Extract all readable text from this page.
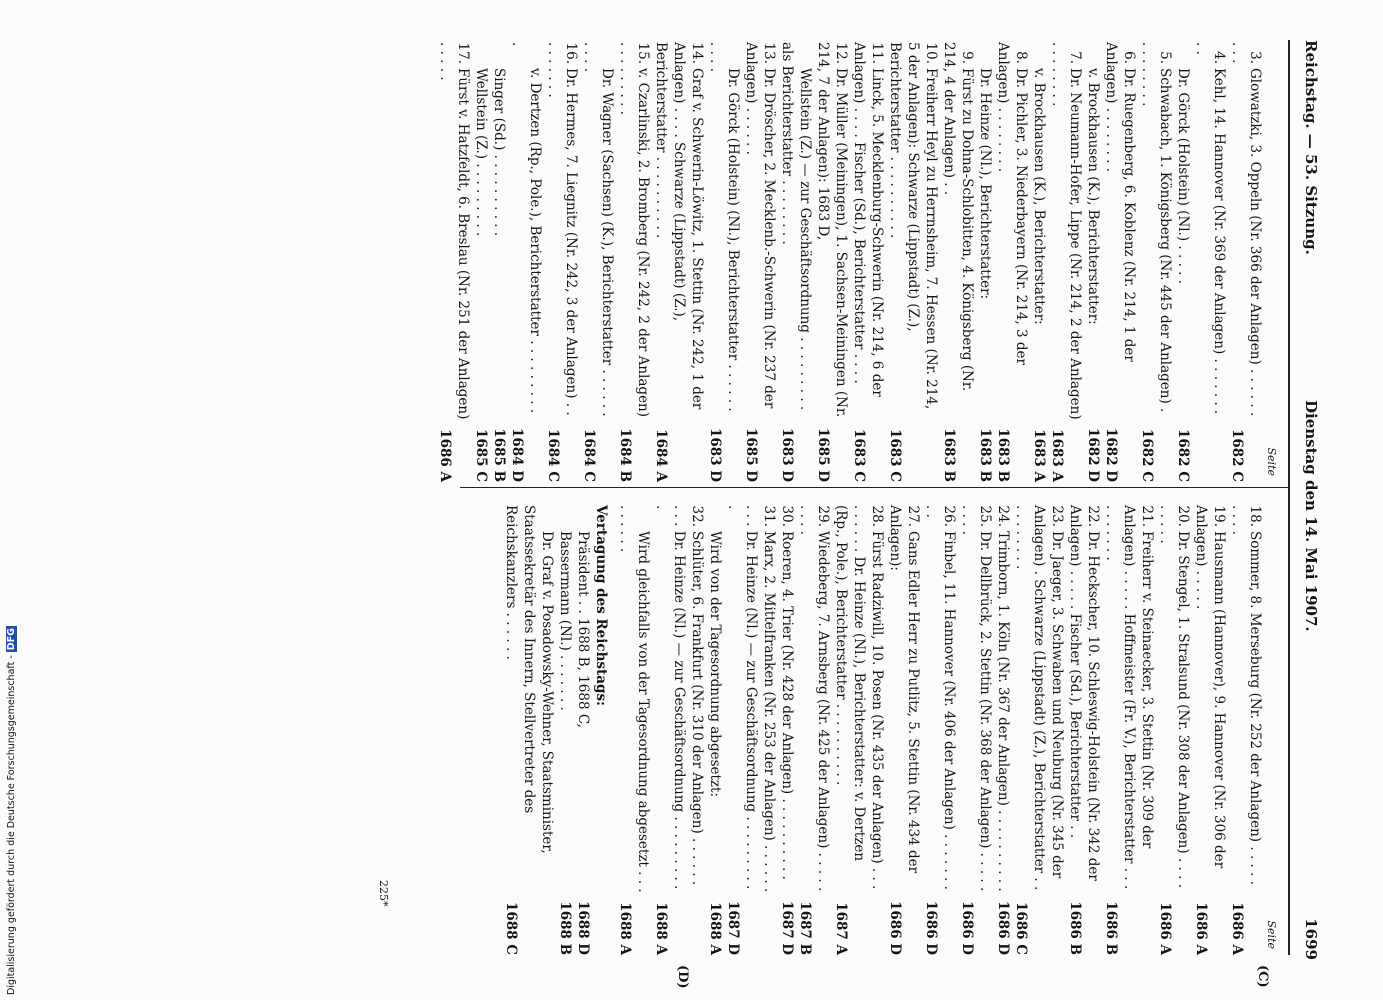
Reichstag. — 53. Sitzung.
Dienstag den 14. Mai 1907.
1699
(C)
(D)
Seite
3.Glowatzki, 3. Oppeln (Nr. 366 der Anlagen) . . . . . . . . .
1682 C
4.Kehl, 14. Hannover (Nr. 369 der Anlagen) . . . . . . . . .
Dr. Görck (Holstein) (Nl.) . . . . .
1682 C
5.Schwabach, 1. Königsberg (Nr. 445 der Anlagen) . . . . . . . . .
1682 C
6.Dr. Ruegenberg, 6. Koblenz (Nr. 214, 1 der Anlagen) . . . . . . . .
1682 D
v. Brockhausen (K.), Berichterstatter:
1682 D
7.Dr. Neumann-Hofer, Lippe (Nr. 214, 2 der Anlagen) . . . . . . . .
1683 A
v. Brockhausen (K.), Berichterstatter:
1683 A
8.Dr. Pichler, 3. Niederbayern (Nr. 214, 3 der Anlagen) . . . . . . . .
1683 B
Dr. Heinze (Nl.), Berichterstatter:
1683 B
9.Fürst zu Dohna-Schlobitten, 4. Königsberg (Nr. 214, 4 der Anlagen) . .
1683 B
10.Freiherr Heyl zu Herrnsheim, 7. Hessen (Nr. 214, 5 der Anlagen): Schwarze (Lippstadt) (Z.), Berichterstatter . . . . . . . . . .
1683 C
11.Linck, 5. Mecklenburg-Schwerin (Nr. 214, 6 der Anlagen) . . . . Fischer (Sd.), Berichterstatter . . . .
1683 C
12.Dr. Müller (Meiningen), 1. Sachsen-Meiningen (Nr. 214, 7 der Anlagen): 1683 D,
1685 D
Wellstein (Z.) — zur Geschäftsordnung . . . . . . . . . als Berichterstatter . . . . . . . .
1683 D
13.Dr. Dröscher, 2. Mecklenb.-Schwerin (Nr. 237 der Anlagen) . . . . . .
1685 D
Dr. Görck (Holstein) (Nl.), Berichterstatter . . . . . . . . . .
1683 D
14.Graf v. Schwerin-Löwitz, 1. Stettin (Nr. 242, 1 der Anlagen) . . . . Schwarze (Lippstadt) (Z.), Berichterstatter . . . . . . . . . .
1684 A
15.v. Czarlinski, 2. Bromberg (Nr. 242, 2 der Anlagen) . . . . . . . . .
1684 B
Dr. Wagner (Sachsen) (K.), Berichterstatter . . . . . . . . . .
1684 C
16.Dr. Hermes, 7. Liegnitz (Nr. 242, 3 der Anlagen) . . . . . . . . .
1684 C
v. Dertzen (Rp., Pole.), Berichterstatter . . . . . . . . . .
1684 D
Singer (Sd.) . . . . . . . . . .
1685 B
Wellstein (Z.) . . . . . . . . .
1685 C
17.Fürst v. Hatzfeldt, 6. Breslau (Nr. 251 der Anlagen) . . . . .
1686 A
Seite
18.Sommer, 8. Merseburg (Nr. 252 der Anlagen) . . . . . . . . .
1686 A
19.Hausmann (Hannover), 9. Hannover (Nr. 306 der Anlagen) . . . . .
1686 A
20.Dr. Stengel, 1. Stralsund (Nr. 308 der Anlagen) . . . . . . . . .
1686 A
21.Freiherr v. Steinaecker, 3. Stettin (Nr. 309 der Anlagen) . . . . . Hoffmeister (Fr. V.), Berichterstatter . . . . . . . . . .
1686 B
22.Dr. Heckscher, 10. Schleswig-Holstein (Nr. 342 der Anlagen) . . . . . Fischer (Sd.), Berichterstatter . .
1686 B
23.Dr. Jaeger, 3. Schwaben und Neuburg (Nr. 345 der Anlagen) . Schwarze (Lippstadt) (Z.), Berichterstatter . . . . . . . . . .
1686 C
24.Trimborn, 1. Köln (Nr. 367 der Anlagen) . . . . . . . . . .
1686 D
25.Dr. Dellbrück, 2. Stettin (Nr. 368 der Anlagen) . . . . . . . . .
1686 D
26.Finbel, 11. Hannover (Nr. 406 der Anlagen) . . . . . . . . .
1686 D
27.Gans Edler Herr zu Putlitz, 5. Stettin (Nr. 434 der Anlagen):
1686 D
28.Fürst Radziwill, 10. Posen (Nr. 435 der Anlagen) . . . . . . . . . Dr. Heinze (Nl.), Berichterstatter: v. Dertzen (Rp., Pole.), Berichterstatter . . . . . . . . . .
1687 A
29.Wiedeberg, 7. Arnsberg (Nr. 425 der Anlagen) . . . . . . . . .
1687 B
30.Roeren, 4. Trier (Nr. 428 der Anlagen) . . . . . . . . . .
1687 D
31.Marx, 2. Mittelfranken (Nr. 253 der Anlagen) . . . . . . . . . Dr. Heinze (Nl.) — zur Geschäftsordnung . . . . . . . . . .
1687 D
Wird von der Tagesordnung abgesetzt:
1688 A
32.Schlüter, 6. Frankfurt (Nr. 310 der Anlagen) . . . . . . . . . Dr. Heinze (Nl.) — zur Geschäftsordnung . . . . . . . . . .
1688 A
Wird gleichfalls von der Tagesordnung abgesetzt . . . . . . . . .
1688 A
Vertagung des Reichstags:
Präsident . . 1688 B, 1688 C,
1688 D
Bassermann (Nl.) . . . . . . .
1688 B
Dr. Graf v. Posadowsky-Wehner, Staatsminister, Staatssekretär des Innern, Stellvertreter des Reichskanzlers . . . . . .
1688 C
225*
Digitalisierung gefördert durch die Deutsche Forschungsgemeinschaft -DFG
